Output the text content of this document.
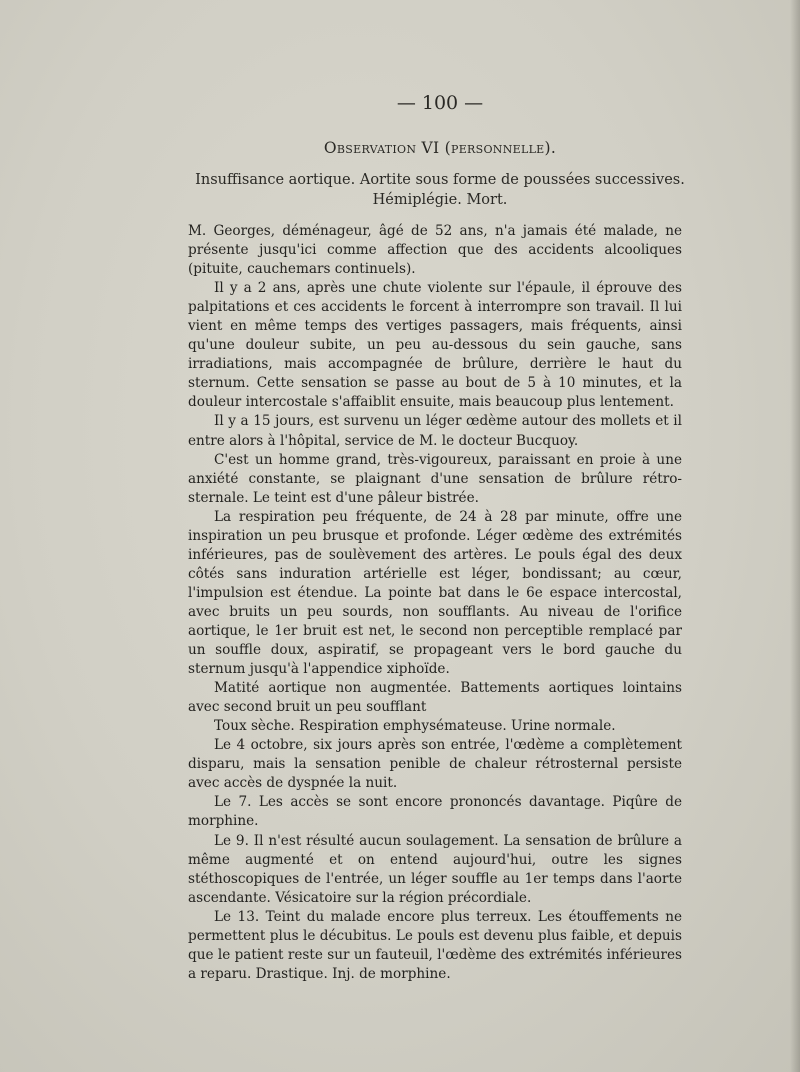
— 100 —
Observation VI (personnelle).
Insuffisance aortique. Aortite sous forme de poussées successives.
Hémiplégie. Mort.

M. Georges, déménageur, âgé de 52 ans, n'a jamais été malade, ne présente jusqu'ici comme affection que des accidents alcooliques (pituite, cauchemars continuels).

Il y a 2 ans, après une chute violente sur l'épaule, il éprouve des palpitations et ces accidents le forcent à interrompre son travail. Il lui vient en même temps des vertiges passagers, mais fréquents, ainsi qu'une douleur subite, un peu au-dessous du sein gauche, sans irradiations, mais accompagnée de brûlure, derrière le haut du sternum. Cette sensation se passe au bout de 5 à 10 minutes, et la douleur intercostale s'affaiblit ensuite, mais beaucoup plus lentement.

Il y a 15 jours, est survenu un léger œdème autour des mollets et il entre alors à l'hôpital, service de M. le docteur Bucquoy.

C'est un homme grand, très-vigoureux, paraissant en proie à une anxiété constante, se plaignant d'une sensation de brûlure rétro-sternale. Le teint est d'une pâleur bistrée.

La respiration peu fréquente, de 24 à 28 par minute, offre une inspiration un peu brusque et profonde. Léger œdème des extrémités inférieures, pas de soulèvement des artères. Le pouls égal des deux côtés sans induration artérielle est léger, bondissant; au cœur, l'impulsion est étendue. La pointe bat dans le 6e espace intercostal, avec bruits un peu sourds, non soufflants. Au niveau de l'orifice aortique, le 1er bruit est net, le second non perceptible remplacé par un souffle doux, aspiratif, se propageant vers le bord gauche du sternum jusqu'à l'appendice xiphoïde.

Matité aortique non augmentée. Battements aortiques lointains avec second bruit un peu soufflant

Toux sèche. Respiration emphysémateuse. Urine normale.

Le 4 octobre, six jours après son entrée, l'œdème a complètement disparu, mais la sensation penible de chaleur rétrosternal persiste avec accès de dyspnée la nuit.

Le 7. Les accès se sont encore prononcés davantage. Piqûre de morphine.

Le 9. Il n'est résulté aucun soulagement. La sensation de brûlure a même augmenté et on entend aujourd'hui, outre les signes stéthoscopiques de l'entrée, un léger souffle au 1er temps dans l'aorte ascendante. Vésicatoire sur la région précordiale.

Le 13. Teint du malade encore plus terreux. Les étouffements ne permettent plus le décubitus. Le pouls est devenu plus faible, et depuis que le patient reste sur un fauteuil, l'œdème des extrémités inférieures a reparu. Drastique. Inj. de morphine.
